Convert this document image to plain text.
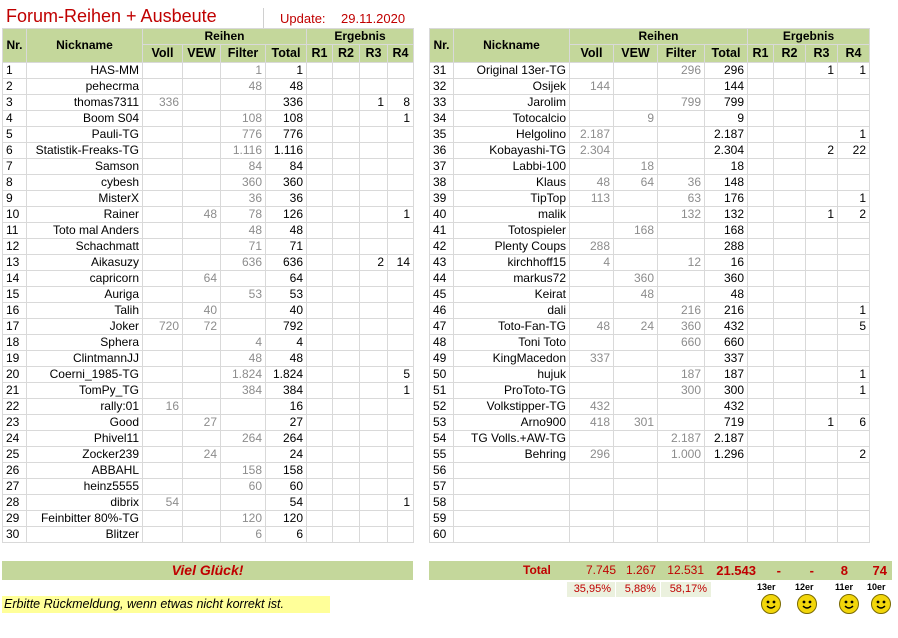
Forum-Reihen + Ausbeute	Update: 29.11.2020
Nr.	Nickname	Reihen				Ergebnis			
		Voll	VEW	Filter	Total	R1	R2	R3	R4
1	HAS-MM			1	1				
2	pehecrma			48	48				
3	thomas7311	336			336			1	8
4	Boom S04			108	108				1
5	Pauli-TG			776	776				
6	Statistik-Freaks-TG			1.116	1.116				
7	Samson			84	84				
8	cybesh			360	360				
9	MisterX			36	36				
10	Rainer		48	78	126				1
11	Toto mal Anders			48	48				
12	Schachmatt			71	71				
13	Aikasuzy			636	636			2	14
14	capricorn		64		64				
15	Auriga			53	53				
16	Talih		40		40				
17	Joker	720	72		792				
18	Sphera			4	4				
19	ClintmannJJ			48	48				
20	Coerni_1985-TG			1.824	1.824				5
21	TomPy_TG			384	384				1
22	rally:01	16			16				
23	Good		27		27				
24	Phivel11			264	264				
25	Zocker239		24		24				
26	ABBAHL			158	158				
27	heinz5555			60	60				
28	dibrix	54			54				1
29	Feinbitter 80%-TG			120	120				
30	Blitzer			6	6				
Nr.	Nickname	Reihen				Ergebnis			
		Voll	VEW	Filter	Total	R1	R2	R3	R4
31	Original 13er-TG			296	296			1	1
32	Osijek	144			144				
33	Jarolim			799	799				
34	Totocalcio		9		9				
35	Helgolino	2.187			2.187				1
36	Kobayashi-TG	2.304			2.304			2	22
37	Labbi-100		18		18				
38	Klaus	48	64	36	148				
39	TipTop	113		63	176				1
40	malik			132	132			1	2
41	Totospieler		168		168				
42	Plenty Coups	288			288				
43	kirchhoff15	4		12	16				
44	markus72		360		360				
45	Keirat		48		48				
46	dali			216	216				1
47	Toto-Fan-TG	48	24	360	432				5
48	Toni Toto			660	660				
49	KingMacedon	337			337				
50	hujuk			187	187				1
51	ProToto-TG			300	300				1
52	Volkstipper-TG	432			432				
53	Arno900	418	301		719			1	6
54	TG Volls.+AW-TG			2.187	2.187				
55	Behring	296		1.000	1.296				2
56									
57									
58									
59									
60									
Viel Glück!	Total	7.745 1.267 12.531 21.543	-	-	8	74
35,95% 5,88% 58,17%
Erbitte Rückmeldung, wenn etwas nicht korrekt ist.
13er 12er 11er 10er
